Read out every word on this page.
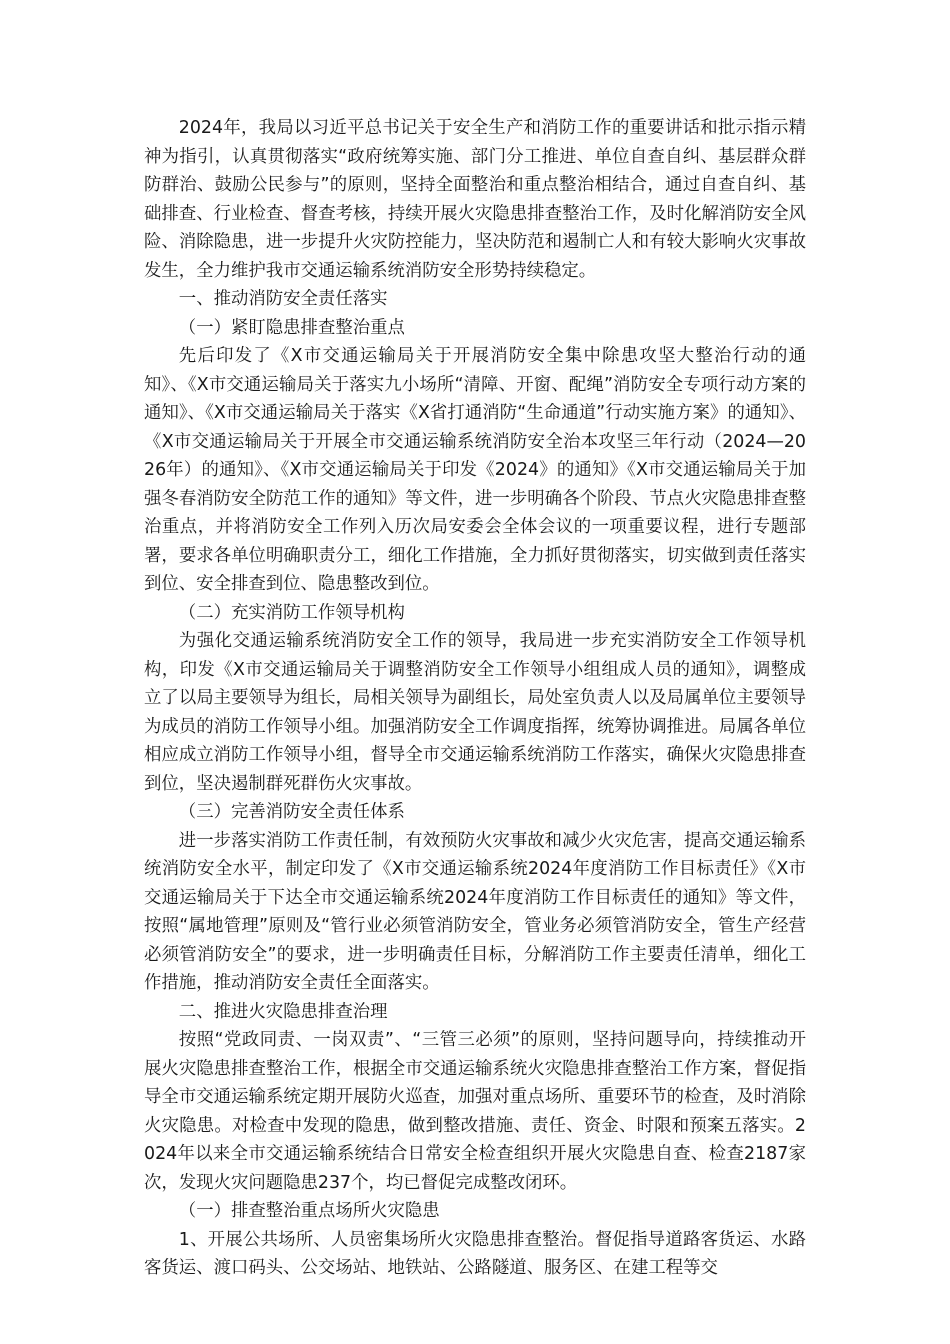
2024年，我局以习近平总书记关于安全生产和消防工作的重要讲话和批示指示精神为指引，认真贯彻落实“政府统筹实施、部门分工推进、单位自查自纠、基层群众群防群治、鼓励公民参与”的原则，坚持全面整治和重点整治相结合，通过自查自纠、基础排查、行业检查、督查考核，持续开展火灾隐患排查整治工作，及时化解消防安全风险、消除隐患，进一步提升火灾防控能力，坚决防范和遏制亡人和有较大影响火灾事故发生，全力维护我市交通运输系统消防安全形势持续稳定。

一、推动消防安全责任落实

（一）紧盯隐患排查整治重点

先后印发了《X市交通运输局关于开展消防安全集中除患攻坚大整治行动的通知》、《X市交通运输局关于落实九小场所“清障、开窗、配绳”消防安全专项行动方案的通知》、《X市交通运输局关于落实《X省打通消防“生命通道”行动实施方案》的通知》、《X市交通运输局关于开展全市交通运输系统消防安全治本攻坚三年行动（2024—2026年）的通知》、《X市交通运输局关于印发《2024》的通知》《X市交通运输局关于加强冬春消防安全防范工作的通知》等文件，进一步明确各个阶段、节点火灾隐患排查整治重点，并将消防安全工作列入历次局安委会全体会议的一项重要议程，进行专题部署，要求各单位明确职责分工，细化工作措施，全力抓好贯彻落实，切实做到责任落实到位、安全排查到位、隐患整改到位。

（二）充实消防工作领导机构

为强化交通运输系统消防安全工作的领导，我局进一步充实消防安全工作领导机构，印发《X市交通运输局关于调整消防安全工作领导小组组成人员的通知》，调整成立了以局主要领导为组长，局相关领导为副组长，局处室负责人以及局属单位主要领导为成员的消防工作领导小组。加强消防安全工作调度指挥，统筹协调推进。局属各单位相应成立消防工作领导小组，督导全市交通运输系统消防工作落实，确保火灾隐患排查到位，坚决遏制群死群伤火灾事故。

（三）完善消防安全责任体系

进一步落实消防工作责任制，有效预防火灾事故和减少火灾危害，提高交通运输系统消防安全水平，制定印发了《X市交通运输系统2024年度消防工作目标责任》《X市交通运输局关于下达全市交通运输系统2024年度消防工作目标责任的通知》等文件，按照“属地管理”原则及“管行业必须管消防安全，管业务必须管消防安全，管生产经营必须管消防安全”的要求，进一步明确责任目标，分解消防工作主要责任清单，细化工作措施，推动消防安全责任全面落实。

二、推进火灾隐患排查治理

按照“党政同责、一岗双责”、“三管三必须”的原则，坚持问题导向，持续推动开展火灾隐患排查整治工作，根据全市交通运输系统火灾隐患排查整治工作方案，督促指导全市交通运输系统定期开展防火巡查，加强对重点场所、重要环节的检查，及时消除火灾隐患。对检查中发现的隐患，做到整改措施、责任、资金、时限和预案五落实。2024年以来全市交通运输系统结合日常安全检查组织开展火灾隐患自查、检查2187家次，发现火灾问题隐患237个，均已督促完成整改闭环。

（一）排查整治重点场所火灾隐患

1、开展公共场所、人员密集场所火灾隐患排查整治。督促指导道路客货运、水路客货运、渡口码头、公交场站、地铁站、公路隧道、服务区、在建工程等交
